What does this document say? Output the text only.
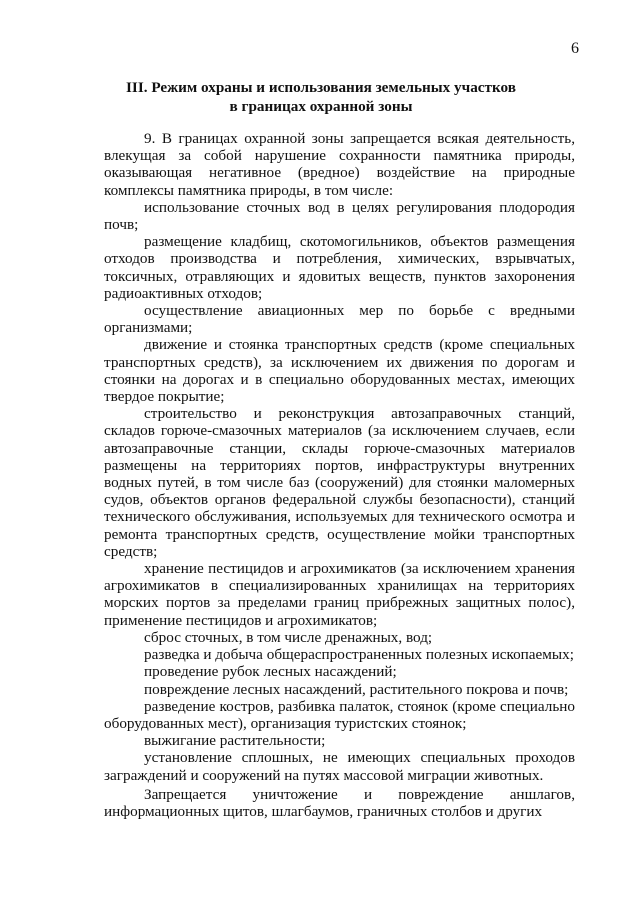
6
III. Режим охраны и использования земельных участков
в границах охранной зоны

9. В границах охранной зоны запрещается всякая деятельность, влекущая за собой нарушение сохранности памятника природы, оказывающая негативное (вредное) воздействие на природные комплексы памятника природы, в том числе:

использование сточных вод в целях регулирования плодородия почв;

размещение кладбищ, скотомогильников, объектов размещения отходов производства и потребления, химических, взрывчатых, токсичных, отравляющих и ядовитых веществ, пунктов захоронения радиоактивных отходов;

осуществление авиационных мер по борьбе с вредными организмами;

движение и стоянка транспортных средств (кроме специальных транспортных средств), за исключением их движения по дорогам и стоянки на дорогах и в специально оборудованных местах, имеющих твердое покрытие;

строительство и реконструкция автозаправочных станций, складов горюче-смазочных материалов (за исключением случаев, если автозаправочные станции, склады горюче-смазочных материалов размещены на территориях портов, инфраструктуры внутренних водных путей, в том числе баз (сооружений) для стоянки маломерных судов, объектов органов федеральной службы безопасности), станций технического обслуживания, используемых для технического осмотра и ремонта транспортных средств, осуществление мойки транспортных средств;

хранение пестицидов и агрохимикатов (за исключением хранения агрохимикатов в специализированных хранилищах на территориях морских портов за пределами границ прибрежных защитных полос), применение пестицидов и агрохимикатов;

сброс сточных, в том числе дренажных, вод;

разведка и добыча общераспространенных полезных ископаемых;

проведение рубок лесных насаждений;

повреждение лесных насаждений, растительного покрова и почв;

разведение костров, разбивка палаток, стоянок (кроме специально оборудованных мест), организация туристских стоянок;

выжигание растительности;

установление сплошных, не имеющих специальных проходов заграждений и сооружений на путях массовой миграции животных.

Запрещается уничтожение и повреждение аншлагов, информационных щитов, шлагбаумов, граничных столбов и других
